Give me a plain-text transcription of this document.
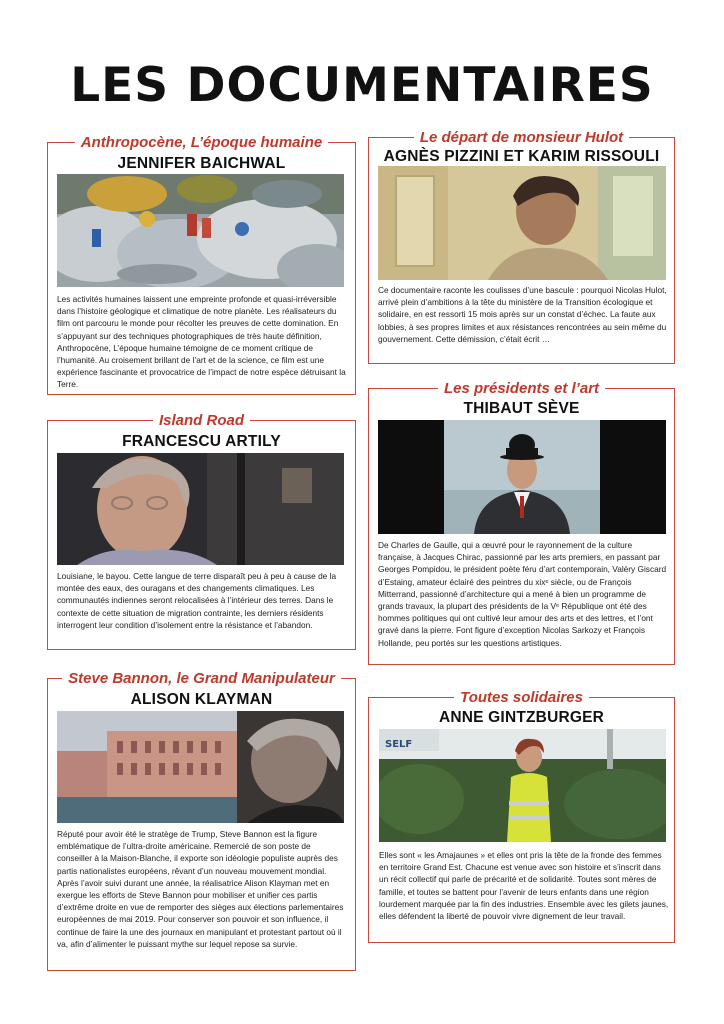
LES DOCUMENTAIRES
Anthropocène, L’époque humaine
JENNIFER BAICHWAL

Les activités humaines laissent une empreinte profonde et quasi-irréversible dans l’histoire géologique et climatique de notre planète. Les réalisateurs du film ont parcouru le monde pour récolter les preuves de cette domination. En s’appuyant sur des techniques photographiques de très haute définition, Anthropocène, L’époque humaine témoigne de ce moment critique de l’humanité. Au croisement brillant de l’art et de la science, ce film est une expérience fascinante et provocatrice de l’impact de notre espèce détruisant la Terre.

Le départ de monsieur Hulot
AGNÈS PIZZINI ET KARIM RISSOULI

Ce documentaire raconte les coulisses d’une bascule : pourquoi Nicolas Hulot, arrivé plein d’ambitions à la tête du ministère de la Transition écologique et solidaire, en est ressorti 15 mois après sur un constat d’échec. La faute aux lobbies, à ses propres limites et aux résistances rencontrées au sein même du gouvernement. Cette démission, c’était écrit …

Island Road
FRANCESCU ARTILY

Louisiane, le bayou. Cette langue de terre disparaît peu à peu à cause de la montée des eaux, des ouragans et des changements climatiques. Les communautés indiennes seront relocalisées à l’intérieur des terres. Dans le contexte de cette situation de migration contrainte, les derniers résidents interrogent leur condition d’isolement entre la résistance et l’abandon.

Les présidents et l’art
THIBAUT SÈVE

De Charles de Gaulle, qui a œuvré pour le rayonnement de la culture française, à Jacques Chirac, passionné par les arts premiers, en passant par Georges Pompidou, le président poète féru d’art contemporain, Valéry Giscard d’Estaing, amateur éclairé des peintres du xixᵉ siècle, ou de François Mitterrand, passionné d’architecture qui a mené à bien un programme de grands travaux, la plupart des présidents de la Vᵉ République ont été des hommes politiques qui ont cultivé leur amour des arts et des lettres, et l’ont gravé dans la pierre. Font figure d’exception Nicolas Sarkozy et François Hollande, peu portés sur les questions artistiques.

Steve Bannon, le Grand Manipulateur
ALISON KLAYMAN

Réputé pour avoir été le stratège de Trump, Steve Bannon est la figure emblématique de l’ultra-droite américaine. Remercié de son poste de conseiller à la Maison-Blanche, il exporte son idéologie populiste auprès des partis nationalistes européens, rêvant d’un nouveau mouvement mondial. Après l’avoir suivi durant une année, la réalisatrice Alison Klayman met en exergue les efforts de Steve Bannon pour mobiliser et unifier ces partis d’extrême droite en vue de remporter des sièges aux élections parlementaires européennes de mai 2019. Pour conserver son pouvoir et son influence, il continue de faire la une des journaux en manipulant et protestant partout où il va, afin d’alimenter le puissant mythe sur lequel repose sa survie.

Toutes solidaires
ANNE GINTZBURGER
SELF

Elles sont « les Amajaunes » et elles ont pris la tête de la fronde des femmes en territoire Grand Est. Chacune est venue avec son histoire et s’inscrit dans un récit collectif qui parle de précarité et de solidarité. Toutes sont mères de famille, et toutes se battent pour l’avenir de leurs enfants dans une région lourdement marquée par la fin des industries. Ensemble avec les gilets jaunes, elles défendent la liberté de pouvoir vivre dignement de leur travail.
